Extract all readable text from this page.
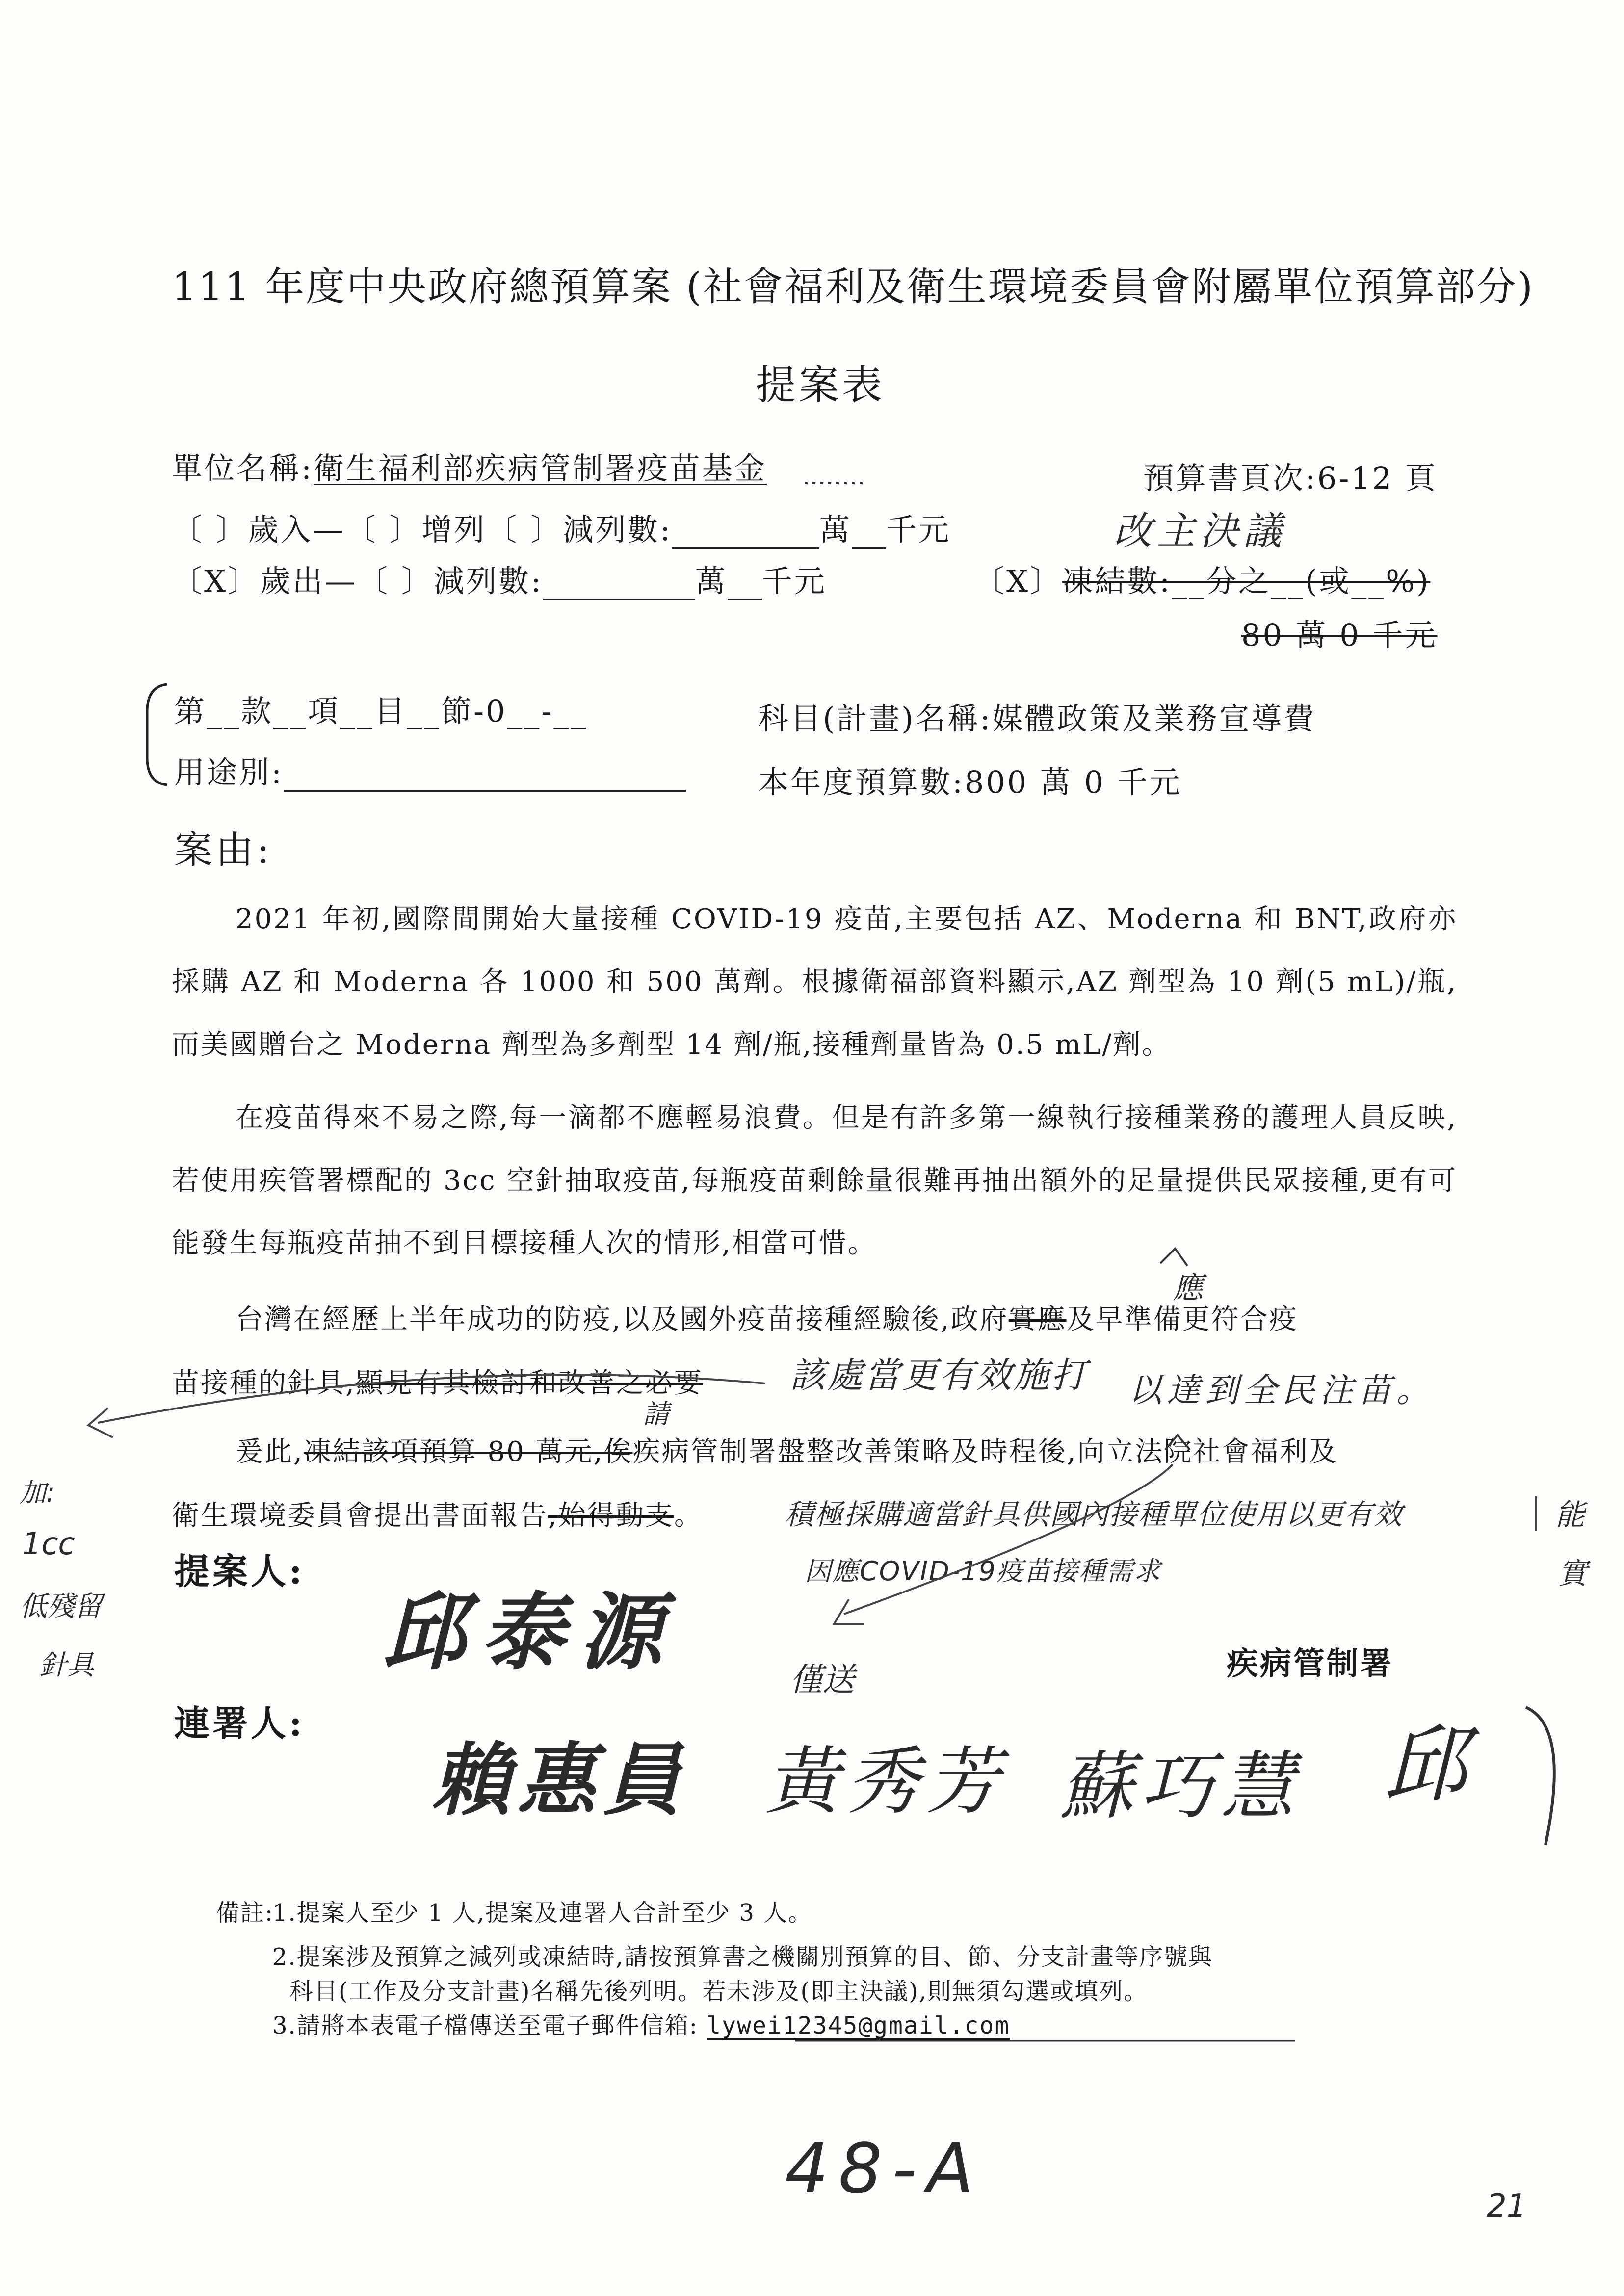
111 年度中央政府總預算案 (社會福利及衛生環境委員會附屬單位預算部分)
提案表
單位名稱:衛生福利部疾病管制署疫苗基金	預算書頁次:6-12 頁
〔 〕歲入—〔 〕增列〔 〕減列數:	萬 千元	改主決議
〔X〕歲出—〔 〕減列數:	萬 千元	〔X〕凍結數:__分之__(或__%)
80 萬 0 千元
第__款__項__目__節-0__-__
用途別:
科目(計畫)名稱:媒體政策及業務宣導費
本年度預算數:800 萬 0 千元
案由:
2021 年初,國際間開始大量接種 COVID-19 疫苗,主要包括 AZ、Moderna 和 BNT,政府亦採購 AZ 和 Moderna 各 1000 和 500 萬劑。根據衛福部資料顯示,AZ 劑型為 10 劑(5 mL)/瓶,而美國贈台之 Moderna 劑型為多劑型 14 劑/瓶,接種劑量皆為 0.5 mL/劑。
在疫苗得來不易之際,每一滴都不應輕易浪費。但是有許多第一線執行接種業務的護理人員反映,若使用疾管署標配的 3cc 空針抽取疫苗,每瓶疫苗剩餘量很難再抽出額外的足量提供民眾接種,更有可能發生每瓶疫苗抽不到目標接種人次的情形,相當可惜。
台灣在經歷上半年成功的防疫,以及國外疫苗接種經驗後,政府實應及早準備更符合疫
應
苗接種的針具,顯見有其檢討和改善之必要 該處當更有效施打 以達到全民注苗。
請
爰此,凍結該項預算 80 萬元,俟疾病管制署盤整改善策略及時程後,向立法院社會福利及
衛生環境委員會提出書面報告,始得動支。	積極採購適當針具供國內接種單位使用以更有效
因應COVID-19疫苗接種需求
能
實
加:
1cc
低殘留
針具
提案人:
邱泰源	僅送	疾病管制署
連署人:
賴惠員 黃秀芳 蘇巧慧 邱
備註:
1.提案人至少 1 人,提案及連署人合計至少 3 人。
2.提案涉及預算之減列或凍結時,請按預算書之機關別預算的目、節、分支計畫等序號與
科目(工作及分支計畫)名稱先後列明。若未涉及(即主決議),則無須勾選或填列。
3.請將本表電子檔傳送至電子郵件信箱: lywei12345@gmail.com
48-A	21
